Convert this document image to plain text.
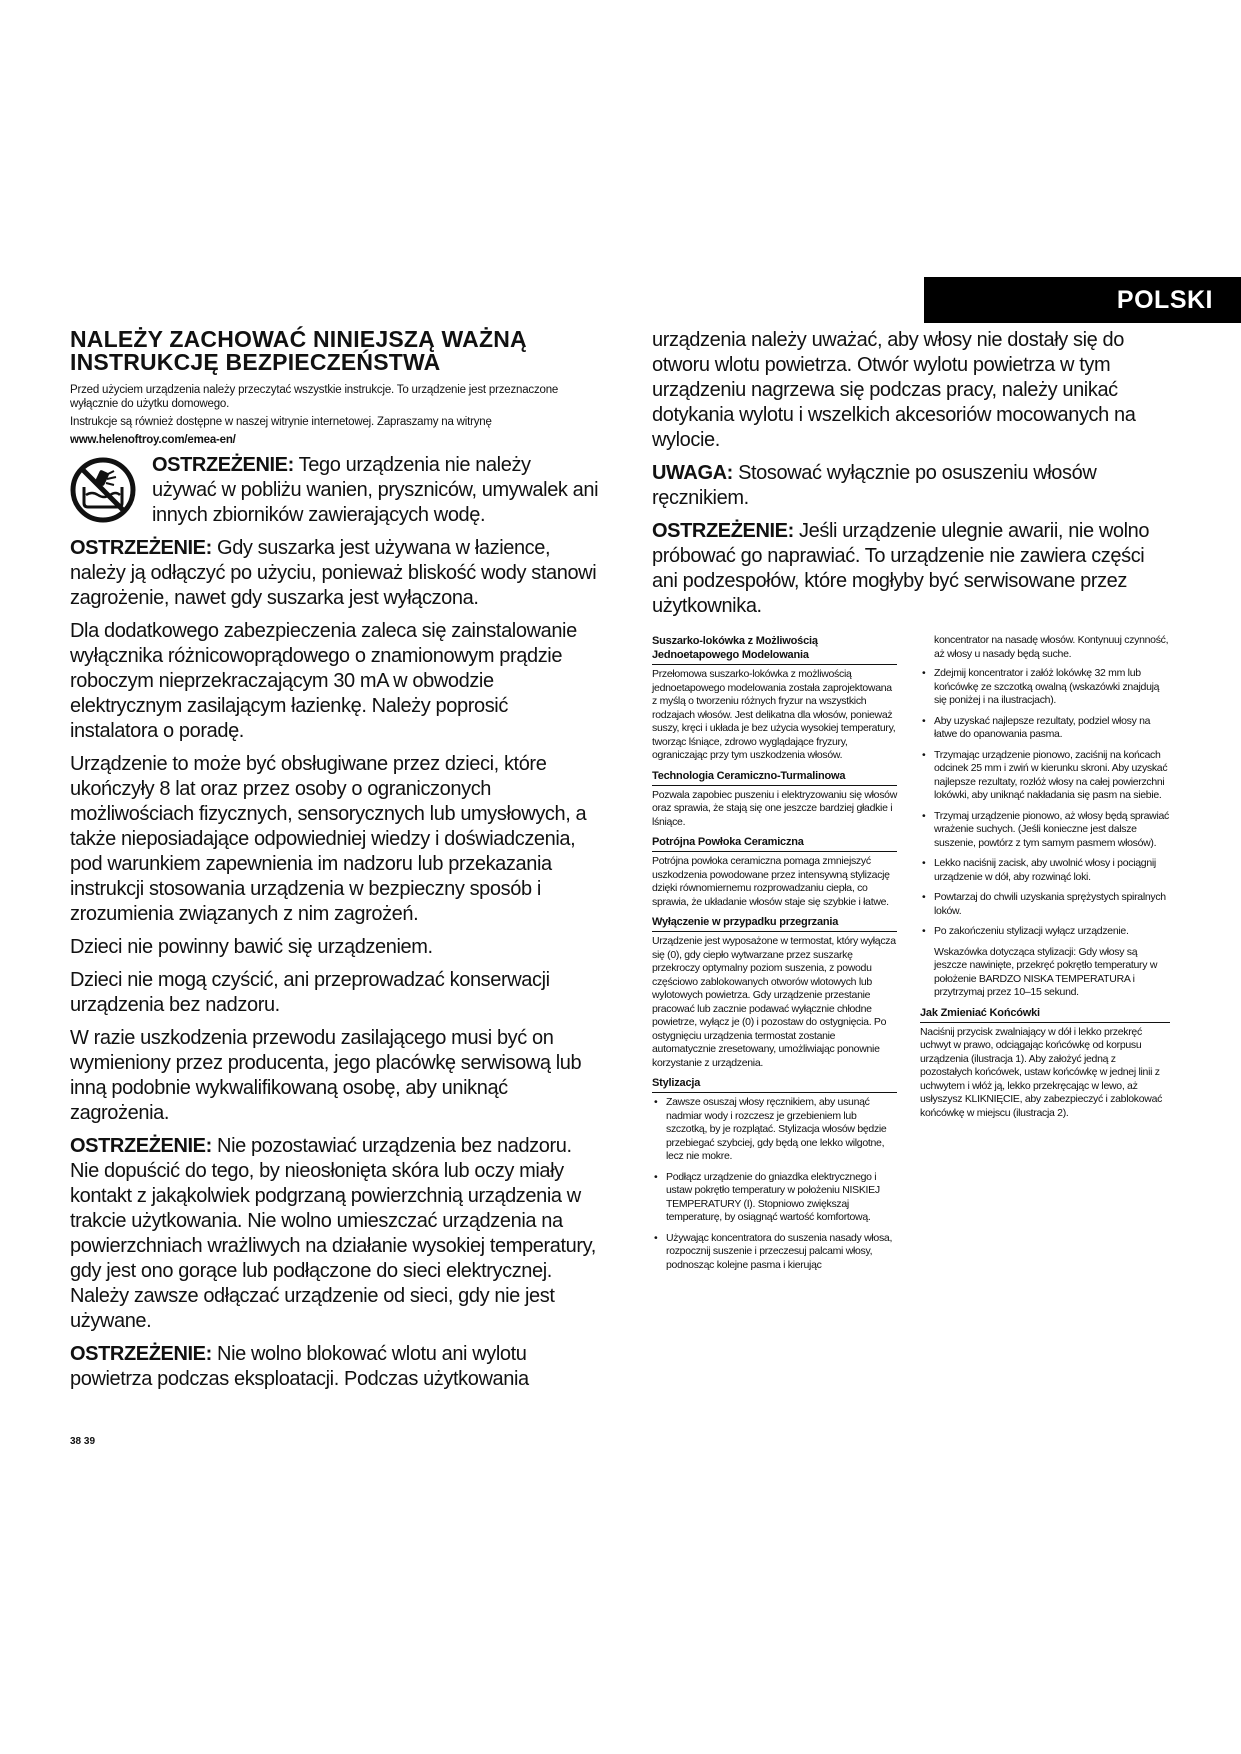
POLSKI
NALEŻY ZACHOWAĆ NINIEJSZĄ WAŻNĄ INSTRUKCJĘ BEZPIECZEŃSTWA

Przed użyciem urządzenia należy przeczytać wszystkie instrukcje. To urządzenie jest przeznaczone wyłącznie do użytku domowego.

Instrukcje są również dostępne w naszej witrynie internetowej. Zapraszamy na witrynę

www.helenoftroy.com/emea-en/

OSTRZEŻENIE: Tego urządzenia nie należy używać w pobliżu wanien, pryszniców, umywalek ani innych zbiorników zawierających wodę.

OSTRZEŻENIE: Gdy suszarka jest używana w łazience, należy ją odłączyć po użyciu, ponieważ bliskość wody stanowi zagrożenie, nawet gdy suszarka jest wyłączona.

Dla dodatkowego zabezpieczenia zaleca się zainstalowanie wyłącznika różnicowoprądowego o znamionowym prądzie roboczym nieprzekraczającym 30 mA w obwodzie elektrycznym zasilającym łazienkę. Należy poprosić instalatora o poradę.

Urządzenie to może być obsługiwane przez dzieci, które ukończyły 8 lat oraz przez osoby o ograniczonych możliwościach fizycznych, sensorycznych lub umysłowych, a także nieposiadające odpowiedniej wiedzy i doświadczenia, pod warunkiem zapewnienia im nadzoru lub przekazania instrukcji stosowania urządzenia w bezpieczny sposób i zrozumienia związanych z nim zagrożeń.

Dzieci nie powinny bawić się urządzeniem.

Dzieci nie mogą czyścić, ani przeprowadzać konserwacji urządzenia bez nadzoru.

W razie uszkodzenia przewodu zasilającego musi być on wymieniony przez producenta, jego placówkę serwisową lub inną podobnie wykwalifikowaną osobę, aby uniknąć zagrożenia.

OSTRZEŻENIE: Nie pozostawiać urządzenia bez nadzoru. Nie dopuścić do tego, by nieosłonięta skóra lub oczy miały kontakt z jakąkolwiek podgrzaną powierzchnią urządzenia w trakcie użytkowania. Nie wolno umieszczać urządzenia na powierzchniach wrażliwych na działanie wysokiej temperatury, gdy jest ono gorące lub podłączone do sieci elektrycznej. Należy zawsze odłączać urządzenie od sieci, gdy nie jest używane.

OSTRZEŻENIE: Nie wolno blokować wlotu ani wylotu powietrza podczas eksploatacji. Podczas użytkowania

urządzenia należy uważać, aby włosy nie dostały się do otworu wlotu powietrza. Otwór wylotu powietrza w tym urządzeniu nagrzewa się podczas pracy, należy unikać dotykania wylotu i wszelkich akcesoriów mocowanych na wylocie.

UWAGA: Stosować wyłącznie po osuszeniu włosów ręcznikiem.

OSTRZEŻENIE: Jeśli urządzenie ulegnie awarii, nie wolno próbować go naprawiać. To urządzenie nie zawiera części ani podzespołów, które mogłyby być serwisowane przez użytkownika.

Suszarko-lokówka z Możliwością Jednoetapowego Modelowania

Przełomowa suszarko-lokówka z możliwością jednoetapowego modelowania została zaprojektowana z myślą o tworzeniu różnych fryzur na wszystkich rodzajach włosów. Jest delikatna dla włosów, ponieważ suszy, kręci i układa je bez użycia wysokiej temperatury, tworząc lśniące, zdrowo wyglądające fryzury, ograniczając przy tym uszkodzenia włosów.

Technologia Ceramiczno-Turmalinowa

Pozwala zapobiec puszeniu i elektryzowaniu się włosów oraz sprawia, że stają się one jeszcze bardziej gładkie i lśniące.

Potrójna Powłoka Ceramiczna

Potrójna powłoka ceramiczna pomaga zmniejszyć uszkodzenia powodowane przez intensywną stylizację dzięki równomiernemu rozprowadzaniu ciepła, co sprawia, że układanie włosów staje się szybkie i łatwe.

Wyłączenie w przypadku przegrzania

Urządzenie jest wyposażone w termostat, który wyłącza się (0), gdy ciepło wytwarzane przez suszarkę przekroczy optymalny poziom suszenia, z powodu częściowo zablokowanych otworów wlotowych lub wylotowych powietrza. Gdy urządzenie przestanie pracować lub zacznie podawać wyłącznie chłodne powietrze, wyłącz je (0) i pozostaw do ostygnięcia. Po ostygnięciu urządzenia termostat zostanie automatycznie zresetowany, umożliwiając ponownie korzystanie z urządzenia.

Stylizacja
• Zawsze osuszaj włosy ręcznikiem, aby usunąć nadmiar wody i rozczesz je grzebieniem lub szczotką, by je rozplątać. Stylizacja włosów będzie przebiegać szybciej, gdy będą one lekko wilgotne, lecz nie mokre.
• Podłącz urządzenie do gniazdka elektrycznego i ustaw pokrętło temperatury w położeniu NISKIEJ TEMPERATURY (I). Stopniowo zwiększaj temperaturę, by osiągnąć wartość komfortową.
• Używając koncentratora do suszenia nasady włosa, rozpocznij suszenie i przeczesuj palcami włosy, podnosząc kolejne pasma i kierując

koncentrator na nasadę włosów. Kontynuuj czynność, aż włosy u nasady będą suche.

• Zdejmij koncentrator i załóż lokówkę 32 mm lub końcówkę ze szczotką owalną (wskazówki znajdują się poniżej i na ilustracjach).
• Aby uzyskać najlepsze rezultaty, podziel włosy na łatwe do opanowania pasma.
• Trzymając urządzenie pionowo, zaciśnij na końcach odcinek 25 mm i zwiń w kierunku skroni. Aby uzyskać najlepsze rezultaty, rozłóż włosy na całej powierzchni lokówki, aby uniknąć nakładania się pasm na siebie.
• Trzymaj urządzenie pionowo, aż włosy będą sprawiać wrażenie suchych. (Jeśli konieczne jest dalsze suszenie, powtórz z tym samym pasmem włosów).
• Lekko naciśnij zacisk, aby uwolnić włosy i pociągnij urządzenie w dół, aby rozwinąć loki.
• Powtarzaj do chwili uzyskania sprężystych spiralnych loków.
• Po zakończeniu stylizacji wyłącz urządzenie.

Wskazówka dotycząca stylizacji: Gdy włosy są jeszcze nawinięte, przekręć pokrętło temperatury w położenie BARDZO NISKA TEMPERATURA i przytrzymaj przez 10–15 sekund.

Jak Zmieniać Końcówki

Naciśnij przycisk zwalniający w dół i lekko przekręć uchwyt w prawo, odciągając końcówkę od korpusu urządzenia (ilustracja 1). Aby założyć jedną z pozostałych końcówek, ustaw końcówkę w jednej linii z uchwytem i włóż ją, lekko przekręcając w lewo, aż usłyszysz KLIKNIĘCIE, aby zabezpieczyć i zablokować końcówkę w miejscu (ilustracja 2).

38 39
